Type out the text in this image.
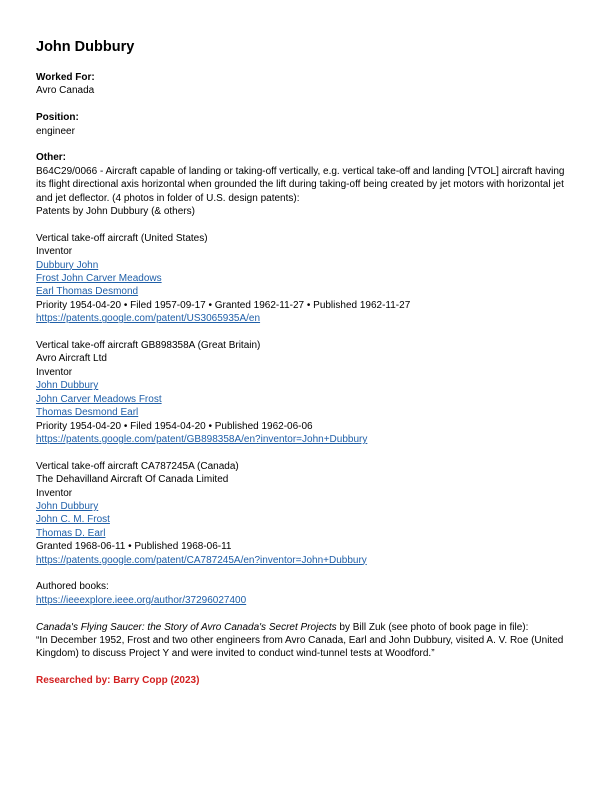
John Dubbury
Worked For:
Avro Canada
Position:
engineer
Other:
B64C29/0066 - Aircraft capable of landing or taking-off vertically, e.g. vertical take-off and landing [VTOL] aircraft having its flight directional axis horizontal when grounded the lift during taking-off being created by jet motors with horizontal jet and jet deflector. (4 photos in folder of U.S. design patents):
Patents by John Dubbury (& others)
Vertical take-off aircraft (United States)
Inventor
Dubbury John
Frost John Carver Meadows
Earl Thomas Desmond
Priority 1954-04-20 • Filed 1957-09-17 • Granted 1962-11-27 • Published 1962-11-27
https://patents.google.com/patent/US3065935A/en
Vertical take-off aircraft GB898358A (Great Britain)
Avro Aircraft Ltd
Inventor
John Dubbury
John Carver Meadows Frost
Thomas Desmond Earl
Priority 1954-04-20 • Filed 1954-04-20 • Published 1962-06-06
https://patents.google.com/patent/GB898358A/en?inventor=John+Dubbury
Vertical take-off aircraft CA787245A (Canada)
The Dehavilland Aircraft Of Canada Limited
Inventor
John Dubbury
John C. M. Frost
Thomas D. Earl
Granted 1968-06-11 • Published 1968-06-11
https://patents.google.com/patent/CA787245A/en?inventor=John+Dubbury
Authored books:
https://ieeexplore.ieee.org/author/37296027400
Canada's Flying Saucer: the Story of Avro Canada's Secret Projects by Bill Zuk (see photo of book page in file):
“In December 1952, Frost and two other engineers from Avro Canada, Earl and John Dubbury, visited A. V. Roe (United Kingdom) to discuss Project Y and were invited to conduct wind-tunnel tests at Woodford.”
Researched by: Barry Copp (2023)
